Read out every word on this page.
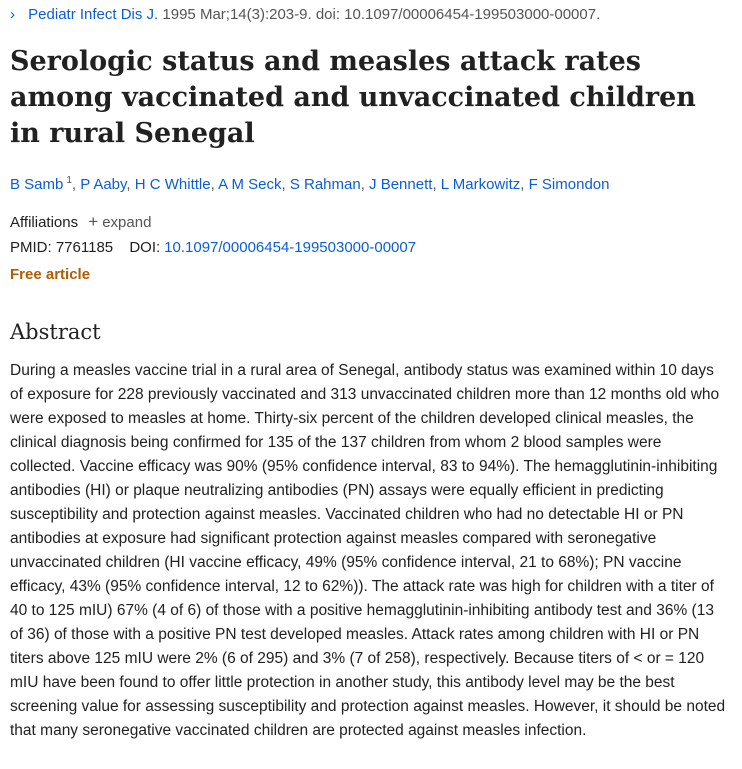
› Pediatr Infect Dis J. 1995 Mar;14(3):203-9. doi: 10.1097/00006454-199503000-00007.
Serologic status and measles attack rates among vaccinated and unvaccinated children in rural Senegal
B Samb $^1$, P Aaby, H C Whittle, A M Seck, S Rahman, J Bennett, L Markowitz, F Simondon
Affiliations + expand
PMID: 7761185 DOI: 10.1097/00006454-199503000-00007
Free article
Abstract

During a measles vaccine trial in a rural area of Senegal, antibody status was examined within 10 days of exposure for 228 previously vaccinated and 313 unvaccinated children more than 12 months old who were exposed to measles at home. Thirty-six percent of the children developed clinical measles, the clinical diagnosis being confirmed for 135 of the 137 children from whom 2 blood samples were collected. Vaccine efficacy was 90% (95% confidence interval, 83 to 94%). The hemagglutinin-inhibiting antibodies (HI) or plaque neutralizing antibodies (PN) assays were equally efficient in predicting susceptibility and protection against measles. Vaccinated children who had no detectable HI or PN antibodies at exposure had significant protection against measles compared with seronegative unvaccinated children (HI vaccine efficacy, 49% (95% confidence interval, 21 to 68%); PN vaccine efficacy, 43% (95% confidence interval, 12 to 62%)). The attack rate was high for children with a titer of 40 to 125 mIU) 67% (4 of 6) of those with a positive hemagglutinin-inhibiting antibody test and 36% (13 of 36) of those with a positive PN test developed measles. Attack rates among children with HI or PN titers above 125 mIU were 2% (6 of 295) and 3% (7 of 258), respectively. Because titers of < or = 120 mIU have been found to offer little protection in another study, this antibody level may be the best screening value for assessing susceptibility and protection against measles. However, it should be noted that many seronegative vaccinated children are protected against measles infection.
